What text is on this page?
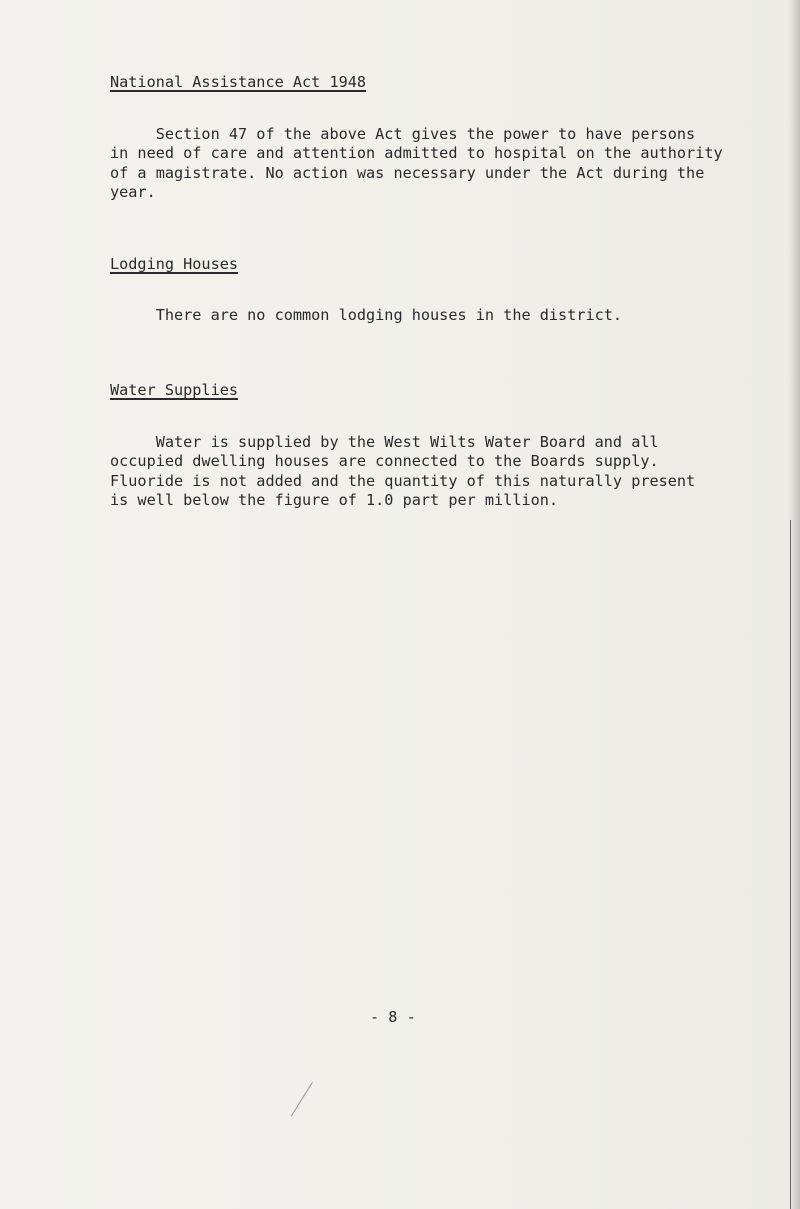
National Assistance Act 1948

Section 47 of the above Act gives the power to have persons
in need of care and attention admitted to hospital on the authority
of a magistrate. No action was necessary under the Act during the
year.

Lodging Houses

There are no common lodging houses in the district.

Water Supplies

Water is supplied by the West Wilts Water Board and all
occupied dwelling houses are connected to the Boards supply.
Fluoride is not added and the quantity of this naturally present
is well below the figure of 1.0 part per million.

- 8 -
